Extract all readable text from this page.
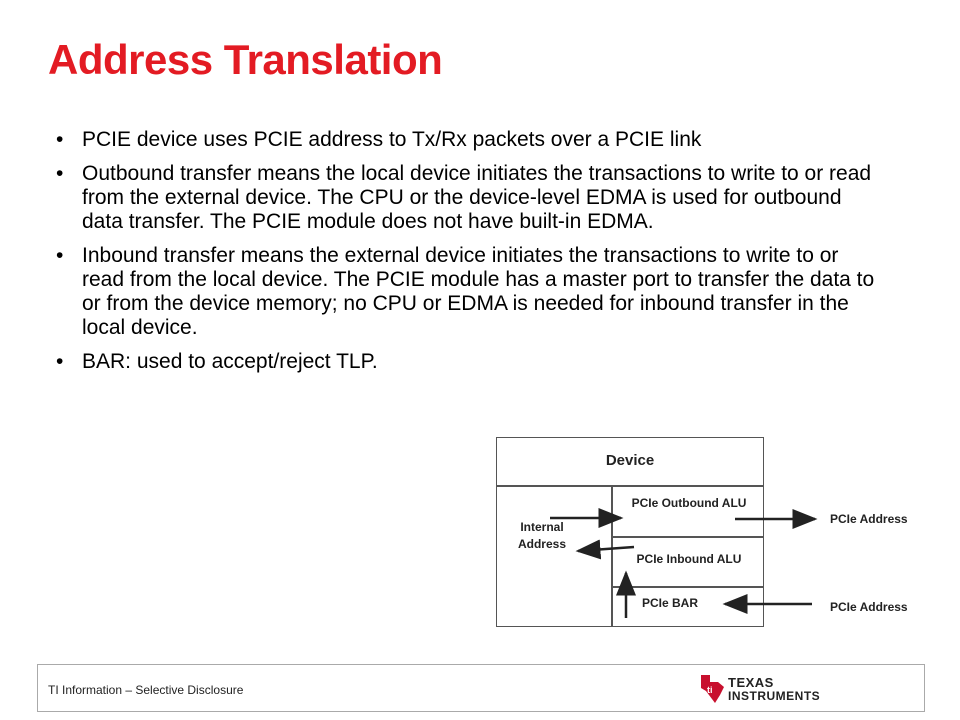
Address Translation
• PCIE device uses PCIE address to Tx/Rx packets over a PCIE link
• Outbound transfer means the local device initiates the transactions to write to or read from the external device. The CPU or the device-level EDMA is used for outbound data transfer. The PCIE module does not have built-in EDMA.
• Inbound transfer means the external device initiates the transactions to write to or read from the local device. The PCIE module has a master port to transfer the data to or from the device memory; no CPU or EDMA is needed for inbound transfer in the local device.
• BAR: used to accept/reject TLP.
Device
Internal Address
PCIe Outbound ALU
PCIe Inbound ALU
PCIe BAR
PCIe Address
PCIe Address
TI Information – Selective Disclosure	ti TEXAS
INSTRUMENTS
